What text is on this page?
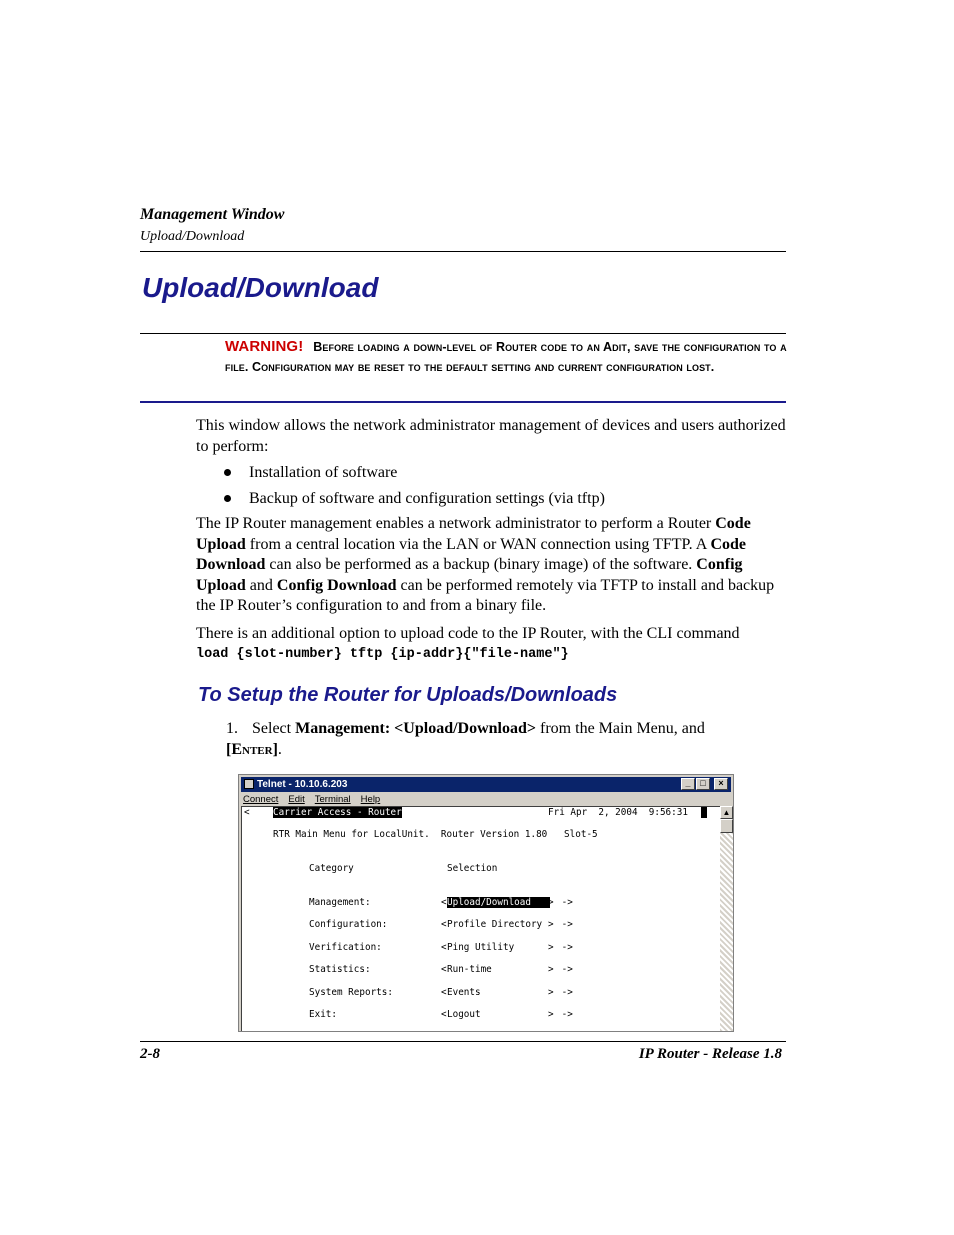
Management Window
Upload/Download
Upload/Download
WARNING! Before loading a down-level of Router code to an Adit, save the configuration to a file. Configuration may be reset to the default setting and current configuration lost.
This window allows the network administrator management of devices and users authorized to perform:
Installation of software
Backup of software and configuration settings (via tftp)
The IP Router management enables a network administrator to perform a Router Code Upload from a central location via the LAN or WAN connection using TFTP. A Code Download can also be performed as a backup (binary image) of the software. Config Upload and Config Download can be performed remotely via TFTP to install and backup the IP Router’s configuration to and from a binary file.
There is an additional option to upload code to the IP Router, with the CLI command
load {slot-number} tftp {ip-addr}{"file-name"}
To Setup the Router for Uploads/Downloads
1. Select Management: <Upload/Download> from the Main Menu, and
[Enter].
Telnet - 10.10.6.203	_	□	×
Connect Edit Terminal Help
<	Carrier Access - Router	Fri Apr  2, 2004  9:56:31

RTR Main Menu for LocalUnit.  Router Version 1.80   Slot-5
Category	Selection
Management:	< Upload/Download	> ->
Configuration:	< Profile Directory > ->
Verification:	< Ping Utility	> ->
Statistics:	< Run-time	> ->
System Reports:	< Events	> ->
Exit:	< Logout	> ->
▲
2-8	IP Router - Release 1.8
